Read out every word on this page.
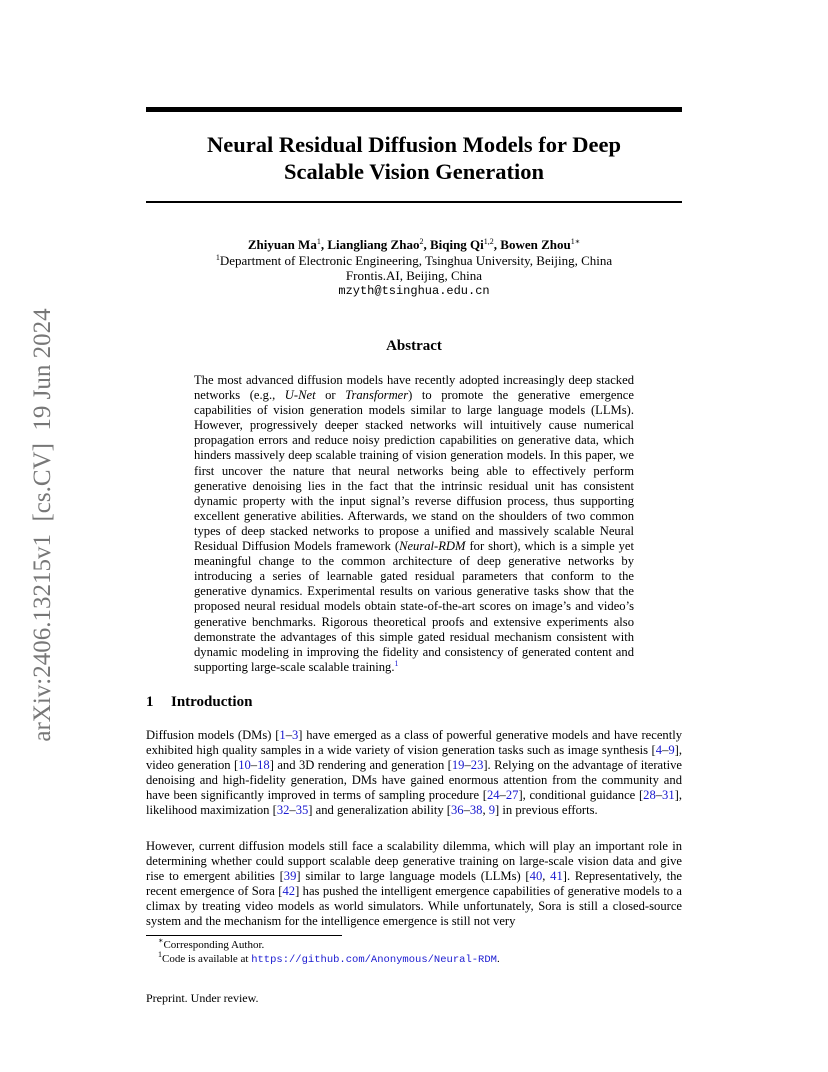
arXiv:2406.13215v1  [cs.CV]  19 Jun 2024
Neural Residual Diffusion Models for Deep
Scalable Vision Generation
Zhiyuan Ma$^1$, Liangliang Zhao$^2$, Biqing Qi$^{1,2}$, Bowen Zhou$^{1∗}$
$^1$Department of Electronic Engineering, Tsinghua University, Beijing, China
Frontis.AI, Beijing, China
mzyth@tsinghua.edu.cn
Abstract
The most advanced diffusion models have recently adopted increasingly deep stacked networks (e.g., U-Net or Transformer) to promote the generative emergence capabilities of vision generation models similar to large language models (LLMs). However, progressively deeper stacked networks will intuitively cause numerical propagation errors and reduce noisy prediction capabilities on generative data, which hinders massively deep scalable training of vision generation models. In this paper, we first uncover the nature that neural networks being able to effectively perform generative denoising lies in the fact that the intrinsic residual unit has consistent dynamic property with the input signal’s reverse diffusion process, thus supporting excellent generative abilities. Afterwards, we stand on the shoulders of two common types of deep stacked networks to propose a unified and massively scalable Neural Residual Diffusion Models framework (Neural-RDM for short), which is a simple yet meaningful change to the common architecture of deep generative networks by introducing a series of learnable gated residual parameters that conform to the generative dynamics. Experimental results on various generative tasks show that the proposed neural residual models obtain state-of-the-art scores on image’s and video’s generative benchmarks. Rigorous theoretical proofs and extensive experiments also demonstrate the advantages of this simple gated residual mechanism consistent with dynamic modeling in improving the fidelity and consistency of generated content and supporting large-scale scalable training.$^1$
1 Introduction
Diffusion models (DMs) [1–3] have emerged as a class of powerful generative models and have recently exhibited high quality samples in a wide variety of vision generation tasks such as image synthesis [4–9], video generation [10–18] and 3D rendering and generation [19–23]. Relying on the advantage of iterative denoising and high-fidelity generation, DMs have gained enormous attention from the community and have been significantly improved in terms of sampling procedure [24–27], conditional guidance [28–31], likelihood maximization [32–35] and generalization ability [36–38, 9] in previous efforts.
However, current diffusion models still face a scalability dilemma, which will play an important role in determining whether could support scalable deep generative training on large-scale vision data and give rise to emergent abilities [39] similar to large language models (LLMs) [40, 41]. Representatively, the recent emergence of Sora [42] has pushed the intelligent emergence capabilities of generative models to a climax by treating video models as world simulators. While unfortunately, Sora is still a closed-source system and the mechanism for the intelligence emergence is still not very
∗Corresponding Author.
$^1$Code is available at https://github.com/Anonymous/Neural-RDM.
Preprint. Under review.
